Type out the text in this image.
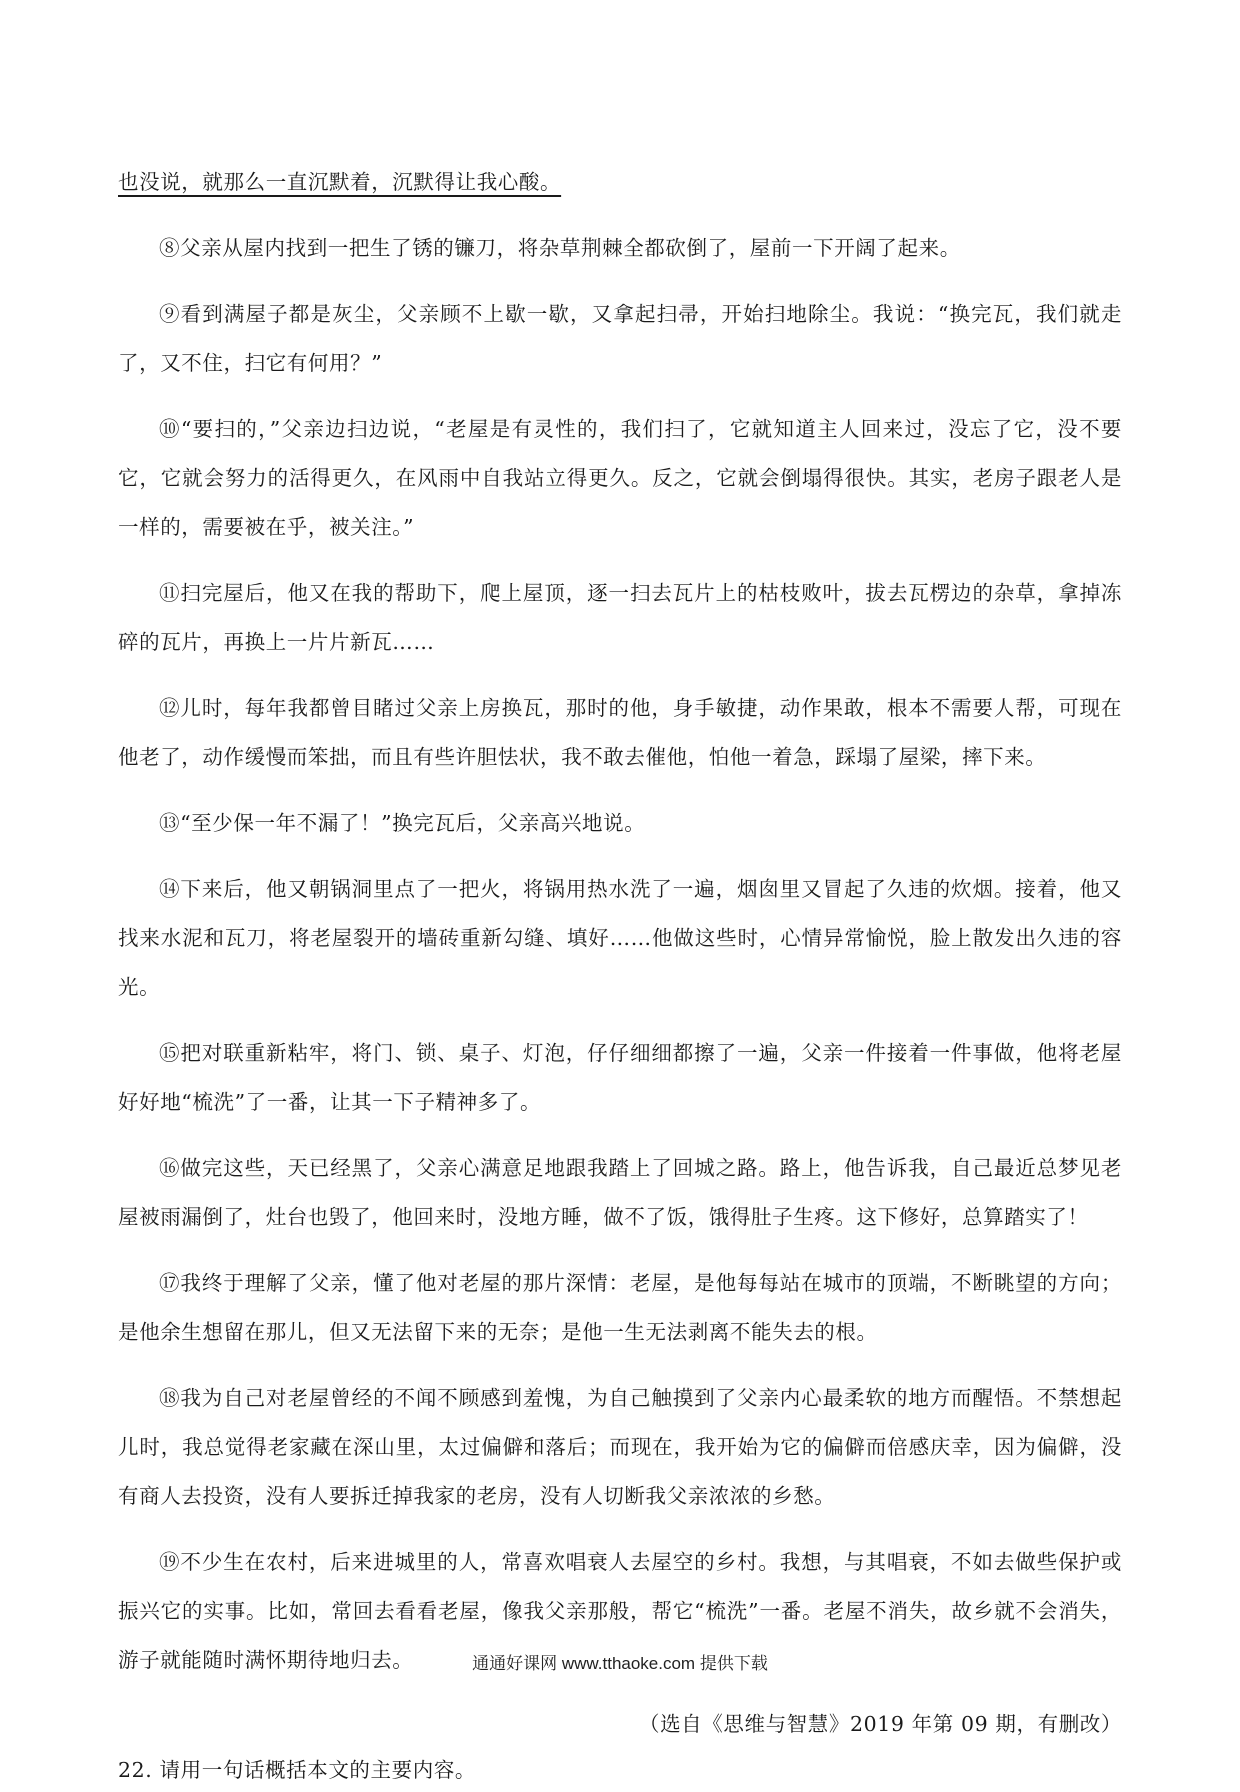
也没说，就那么一直沉默着，沉默得让我心酸。

⑧父亲从屋内找到一把生了锈的镰刀，将杂草荆棘全都砍倒了，屋前一下开阔了起来。

⑨看到满屋子都是灰尘，父亲顾不上歇一歇，又拿起扫帚，开始扫地除尘。我说：“换完瓦，我们就走了，又不住，扫它有何用？”

⑩“要扫的，”父亲边扫边说，“老屋是有灵性的，我们扫了，它就知道主人回来过，没忘了它，没不要它，它就会努力的活得更久，在风雨中自我站立得更久。反之，它就会倒塌得很快。其实，老房子跟老人是一样的，需要被在乎，被关注。”

⑪扫完屋后，他又在我的帮助下，爬上屋顶，逐一扫去瓦片上的枯枝败叶，拔去瓦楞边的杂草，拿掉冻碎的瓦片，再换上一片片新瓦……

⑫儿时，每年我都曾目睹过父亲上房换瓦，那时的他，身手敏捷，动作果敢，根本不需要人帮，可现在他老了，动作缓慢而笨拙，而且有些许胆怯状，我不敢去催他，怕他一着急，踩塌了屋梁，摔下来。

⑬“至少保一年不漏了！”换完瓦后，父亲高兴地说。

⑭下来后，他又朝锅洞里点了一把火，将锅用热水洗了一遍，烟囱里又冒起了久违的炊烟。接着，他又找来水泥和瓦刀，将老屋裂开的墙砖重新勾缝、填好……他做这些时，心情异常愉悦，脸上散发出久违的容光。

⑮把对联重新粘牢，将门、锁、桌子、灯泡，仔仔细细都擦了一遍，父亲一件接着一件事做，他将老屋好好地“梳洗”了一番，让其一下子精神多了。

⑯做完这些，天已经黑了，父亲心满意足地跟我踏上了回城之路。路上，他告诉我，自己最近总梦见老屋被雨漏倒了，灶台也毁了，他回来时，没地方睡，做不了饭，饿得肚子生疼。这下修好，总算踏实了！

⑰我终于理解了父亲，懂了他对老屋的那片深情：老屋，是他每每站在城市的顶端，不断眺望的方向；是他余生想留在那儿，但又无法留下来的无奈；是他一生无法剥离不能失去的根。

⑱我为自己对老屋曾经的不闻不顾感到羞愧，为自己触摸到了父亲内心最柔软的地方而醒悟。不禁想起儿时，我总觉得老家藏在深山里，太过偏僻和落后；而现在，我开始为它的偏僻而倍感庆幸，因为偏僻，没有商人去投资，没有人要拆迁掉我家的老房，没有人切断我父亲浓浓的乡愁。

⑲不少生在农村，后来进城里的人，常喜欢唱衰人去屋空的乡村。我想，与其唱衰，不如去做些保护或振兴它的实事。比如，常回去看看老屋，像我父亲那般，帮它“梳洗”一番。老屋不消失，故乡就不会消失，游子就能随时满怀期待地归去。

（选自《思维与智慧》2019 年第 09 期，有删改）

22. 请用一句话概括本文的主要内容。

通通好课网 www.tthaoke.com 提供下载
